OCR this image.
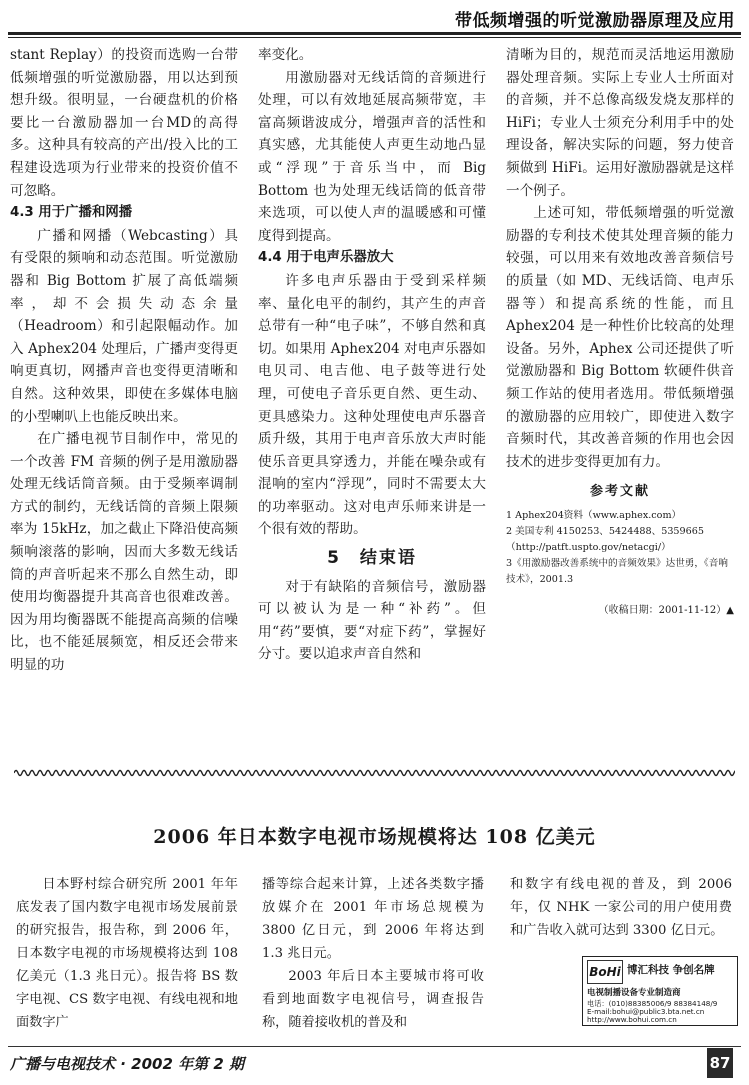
带低频增强的听觉激励器原理及应用

stant Replay）的投资而选购一台带低频增强的听觉激励器，用以达到预想升级。很明显，一台硬盘机的价格要比一台激励器加一台MD的高得多。这种具有较高的产出/投入比的工程建设选项为行业带来的投资价值不可忽略。

4.3 用于广播和网播

广播和网播（Webcasting）具有受限的频响和动态范围。听觉激励器和 Big Bottom 扩展了高低端频率，却不会损失动态余量（Headroom）和引起限幅动作。加入 Aphex204 处理后，广播声变得更响更真切，网播声音也变得更清晰和自然。这种效果，即使在多媒体电脑的小型喇叭上也能反映出来。

在广播电视节目制作中，常见的一个改善 FM 音频的例子是用激励器处理无线话筒音频。由于受频率调制方式的制约，无线话筒的音频上限频率为 15kHz，加之截止下降沿使高频频响滚落的影响，因而大多数无线话筒的声音听起来不那么自然生动，即使用均衡器提升其高音也很难改善。因为用均衡器既不能提高高频的信噪比，也不能延展频宽，相反还会带来明显的功

率变化。

用激励器对无线话筒的音频进行处理，可以有效地延展高频带宽，丰富高频谐波成分，增强声音的活性和真实感，尤其能使人声更生动地凸显或“浮现”于音乐当中，而 Big Bottom 也为处理无线话筒的低音带来选项，可以使人声的温暖感和可懂度得到提高。

4.4 用于电声乐器放大

许多电声乐器由于受到采样频率、量化电平的制约，其产生的声音总带有一种“电子味”，不够自然和真切。如果用 Aphex204 对电声乐器如电贝司、电吉他、电子鼓等进行处理，可使电子音乐更自然、更生动、更具感染力。这种处理使电声乐器音质升级，其用于电声音乐放大声时能使乐音更具穿透力，并能在噪杂或有混响的室内“浮现”，同时不需要太大的功率驱动。这对电声乐师来讲是一个很有效的帮助。

5　结束语

对于有缺陷的音频信号，激励器可以被认为是一种“补药”。但用“药”要慎，要“对症下药”，掌握好分寸。要以追求声音自然和

清晰为目的，规范而灵活地运用激励器处理音频。实际上专业人士所面对的音频，并不总像高级发烧友那样的 HiFi；专业人士须充分利用手中的处理设备，解决实际的问题，努力使音频做到 HiFi。运用好激励器就是这样一个例子。

上述可知，带低频增强的听觉激励器的专利技术使其处理音频的能力较强，可以用来有效地改善音频信号的质量（如 MD、无线话筒、电声乐器等）和提高系统的性能，而且 Aphex204 是一种性价比较高的处理设备。另外，Aphex 公司还提供了听觉激励器和 Big Bottom 软硬件供音频工作站的使用者选用。带低频增强的激励器的应用较广，即使进入数字音频时代，其改善音频的作用也会因技术的进步变得更加有力。

参考文献

1 Aphex204资料（www.aphex.com）

2 美国专利 4150253、5424488、5359665（http://patft.uspto.gov/netacgi/）

3《用激励器改善系统中的音频效果》达世勇，《音响技术》，2001.3

（收稿日期：2001-11-12）▲
2006 年日本数字电视市场规模将达 108 亿美元

日本野村综合研究所 2001 年年底发表了国内数字电视市场发展前景的研究报告，报告称，到 2006 年，日本数字电视的市场规模将达到 108 亿美元（1.3 兆日元）。报告将 BS 数字电视、CS 数字电视、有线电视和地面数字广

播等综合起来计算，上述各类数字播放媒介在 2001 年市场总规模为 3800 亿日元，到 2006 年将达到 1.3 兆日元。

2003 年后日本主要城市将可收看到地面数字电视信号，调查报告称，随着接收机的普及和

和数字有线电视的普及，到 2006 年，仅 NHK 一家公司的用户使用费和广告收入就可达到 3300 亿日元。

BoHi 博汇科技 争创名牌
电视制播设备专业制造商
电话：(010)88385006/9 88384148/9
E-mail:bohui@public3.bta.net.cn
http://www.bohui.com.cn
广播与电视技术 · 2002 年第 2 期	87
